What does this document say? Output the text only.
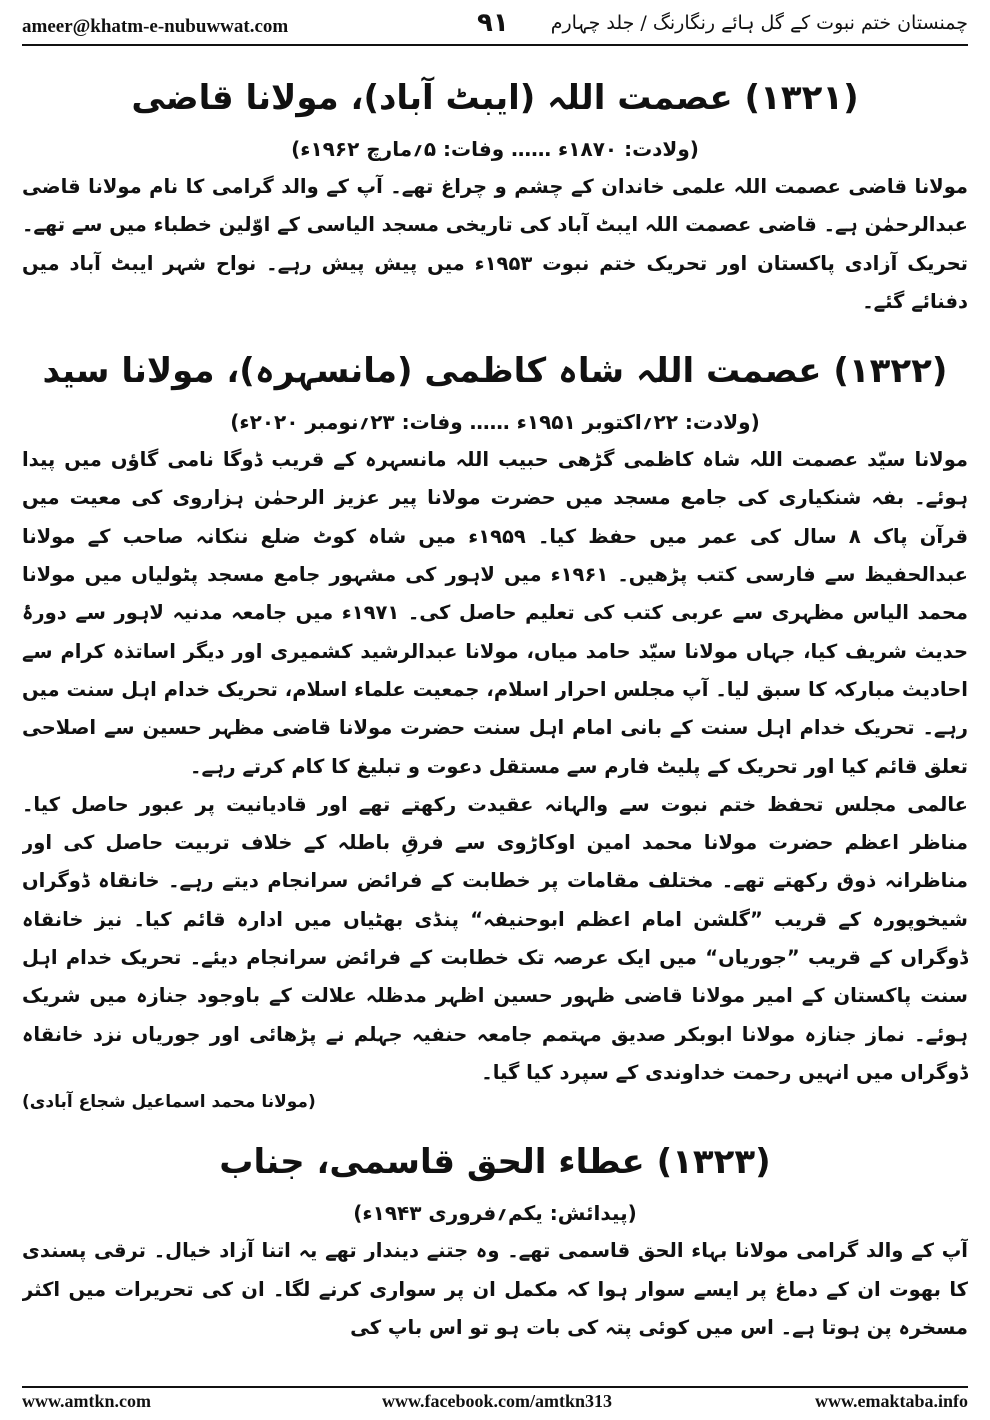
ameer@khatm-e-nubuwwat.com	۹۱ چمنستان ختم نبوت کے گل ہائے رنگارنگ / جلد چہارم
(۱۳۲۱) عصمت اللہ (ایبٹ آباد)، مولانا قاضی
(ولادت: ۱۸۷۰ء …… وفات: ۵؍مارچ ۱۹۶۲ء)

مولانا قاضی عصمت اللہ علمی خاندان کے چشم و چراغ تھے۔ آپ کے والد گرامی کا نام مولانا قاضی عبدالرحمٰن ہے۔ قاضی عصمت اللہ ایبٹ آباد کی تاریخی مسجد الیاسی کے اوّلین خطباء میں سے تھے۔ تحریک آزادی پاکستان اور تحریک ختم نبوت ۱۹۵۳ء میں پیش پیش رہے۔ نواح شہر ایبٹ آباد میں دفنائے گئے۔

(۱۳۲۲) عصمت اللہ شاہ کاظمی (مانسہرہ)، مولانا سید
(ولادت: ۲۲؍اکتوبر ۱۹۵۱ء …… وفات: ۲۳؍نومبر ۲۰۲۰ء)

مولانا سیّد عصمت اللہ شاہ کاظمی گڑھی حبیب اللہ مانسہرہ کے قریب ڈوگا نامی گاؤں میں پیدا ہوئے۔ بفہ شنکیاری کی جامع مسجد میں حضرت مولانا پیر عزیز الرحمٰن ہزاروی کی معیت میں قرآن پاک ۸ سال کی عمر میں حفظ کیا۔ ۱۹۵۹ء میں شاہ کوٹ ضلع ننکانہ صاحب کے مولانا عبدالحفیظ سے فارسی کتب پڑھیں۔ ۱۹۶۱ء میں لاہور کی مشہور جامع مسجد پٹولیاں میں مولانا محمد الیاس مظہری سے عربی کتب کی تعلیم حاصل کی۔ ۱۹۷۱ء میں جامعہ مدنیہ لاہور سے دورۂ حدیث شریف کیا، جہاں مولانا سیّد حامد میاں، مولانا عبدالرشید کشمیری اور دیگر اساتذہ کرام سے احادیث مبارکہ کا سبق لیا۔ آپ مجلس احرار اسلام، جمعیت علماء اسلام، تحریک خدام اہل سنت میں رہے۔ تحریک خدام اہل سنت کے بانی امام اہل سنت حضرت مولانا قاضی مظہر حسین سے اصلاحی تعلق قائم کیا اور تحریک کے پلیٹ فارم سے مستقل دعوت و تبلیغ کا کام کرتے رہے۔

عالمی مجلس تحفظ ختم نبوت سے والہانہ عقیدت رکھتے تھے اور قادیانیت پر عبور حاصل کیا۔ مناظر اعظم حضرت مولانا محمد امین اوکاڑوی سے فرقِ باطلہ کے خلاف تربیت حاصل کی اور مناظرانہ ذوق رکھتے تھے۔ مختلف مقامات پر خطابت کے فرائض سرانجام دیتے رہے۔ خانقاہ ڈوگراں شیخوپورہ کے قریب ”گلشن امام اعظم ابوحنیفہ“ پنڈی بھٹیاں میں ادارہ قائم کیا۔ نیز خانقاہ ڈوگراں کے قریب ”جوریاں“ میں ایک عرصہ تک خطابت کے فرائض سرانجام دیئے۔ تحریک خدام اہل سنت پاکستان کے امیر مولانا قاضی ظہور حسین اظہر مدظلہ علالت کے باوجود جنازہ میں شریک ہوئے۔ نماز جنازہ مولانا ابوبکر صدیق مہتمم جامعہ حنفیہ جہلم نے پڑھائی اور جوریاں نزد خانقاہ ڈوگراں میں انہیں رحمت خداوندی کے سپرد کیا گیا۔

(مولانا محمد اسماعیل شجاع آبادی)
(۱۳۲۳) عطاء الحق قاسمی، جناب
(پیدائش: یکم؍فروری ۱۹۴۳ء)

آپ کے والد گرامی مولانا بہاء الحق قاسمی تھے۔ وہ جتنے دیندار تھے یہ اتنا آزاد خیال۔ ترقی پسندی کا بھوت ان کے دماغ پر ایسے سوار ہوا کہ مکمل ان پر سواری کرنے لگا۔ ان کی تحریرات میں اکثر مسخرہ پن ہوتا ہے۔ اس میں کوئی پتہ کی بات ہو تو اس باپ کی

www.amtkn.com	www.facebook.com/amtkn313	www.emaktaba.info
